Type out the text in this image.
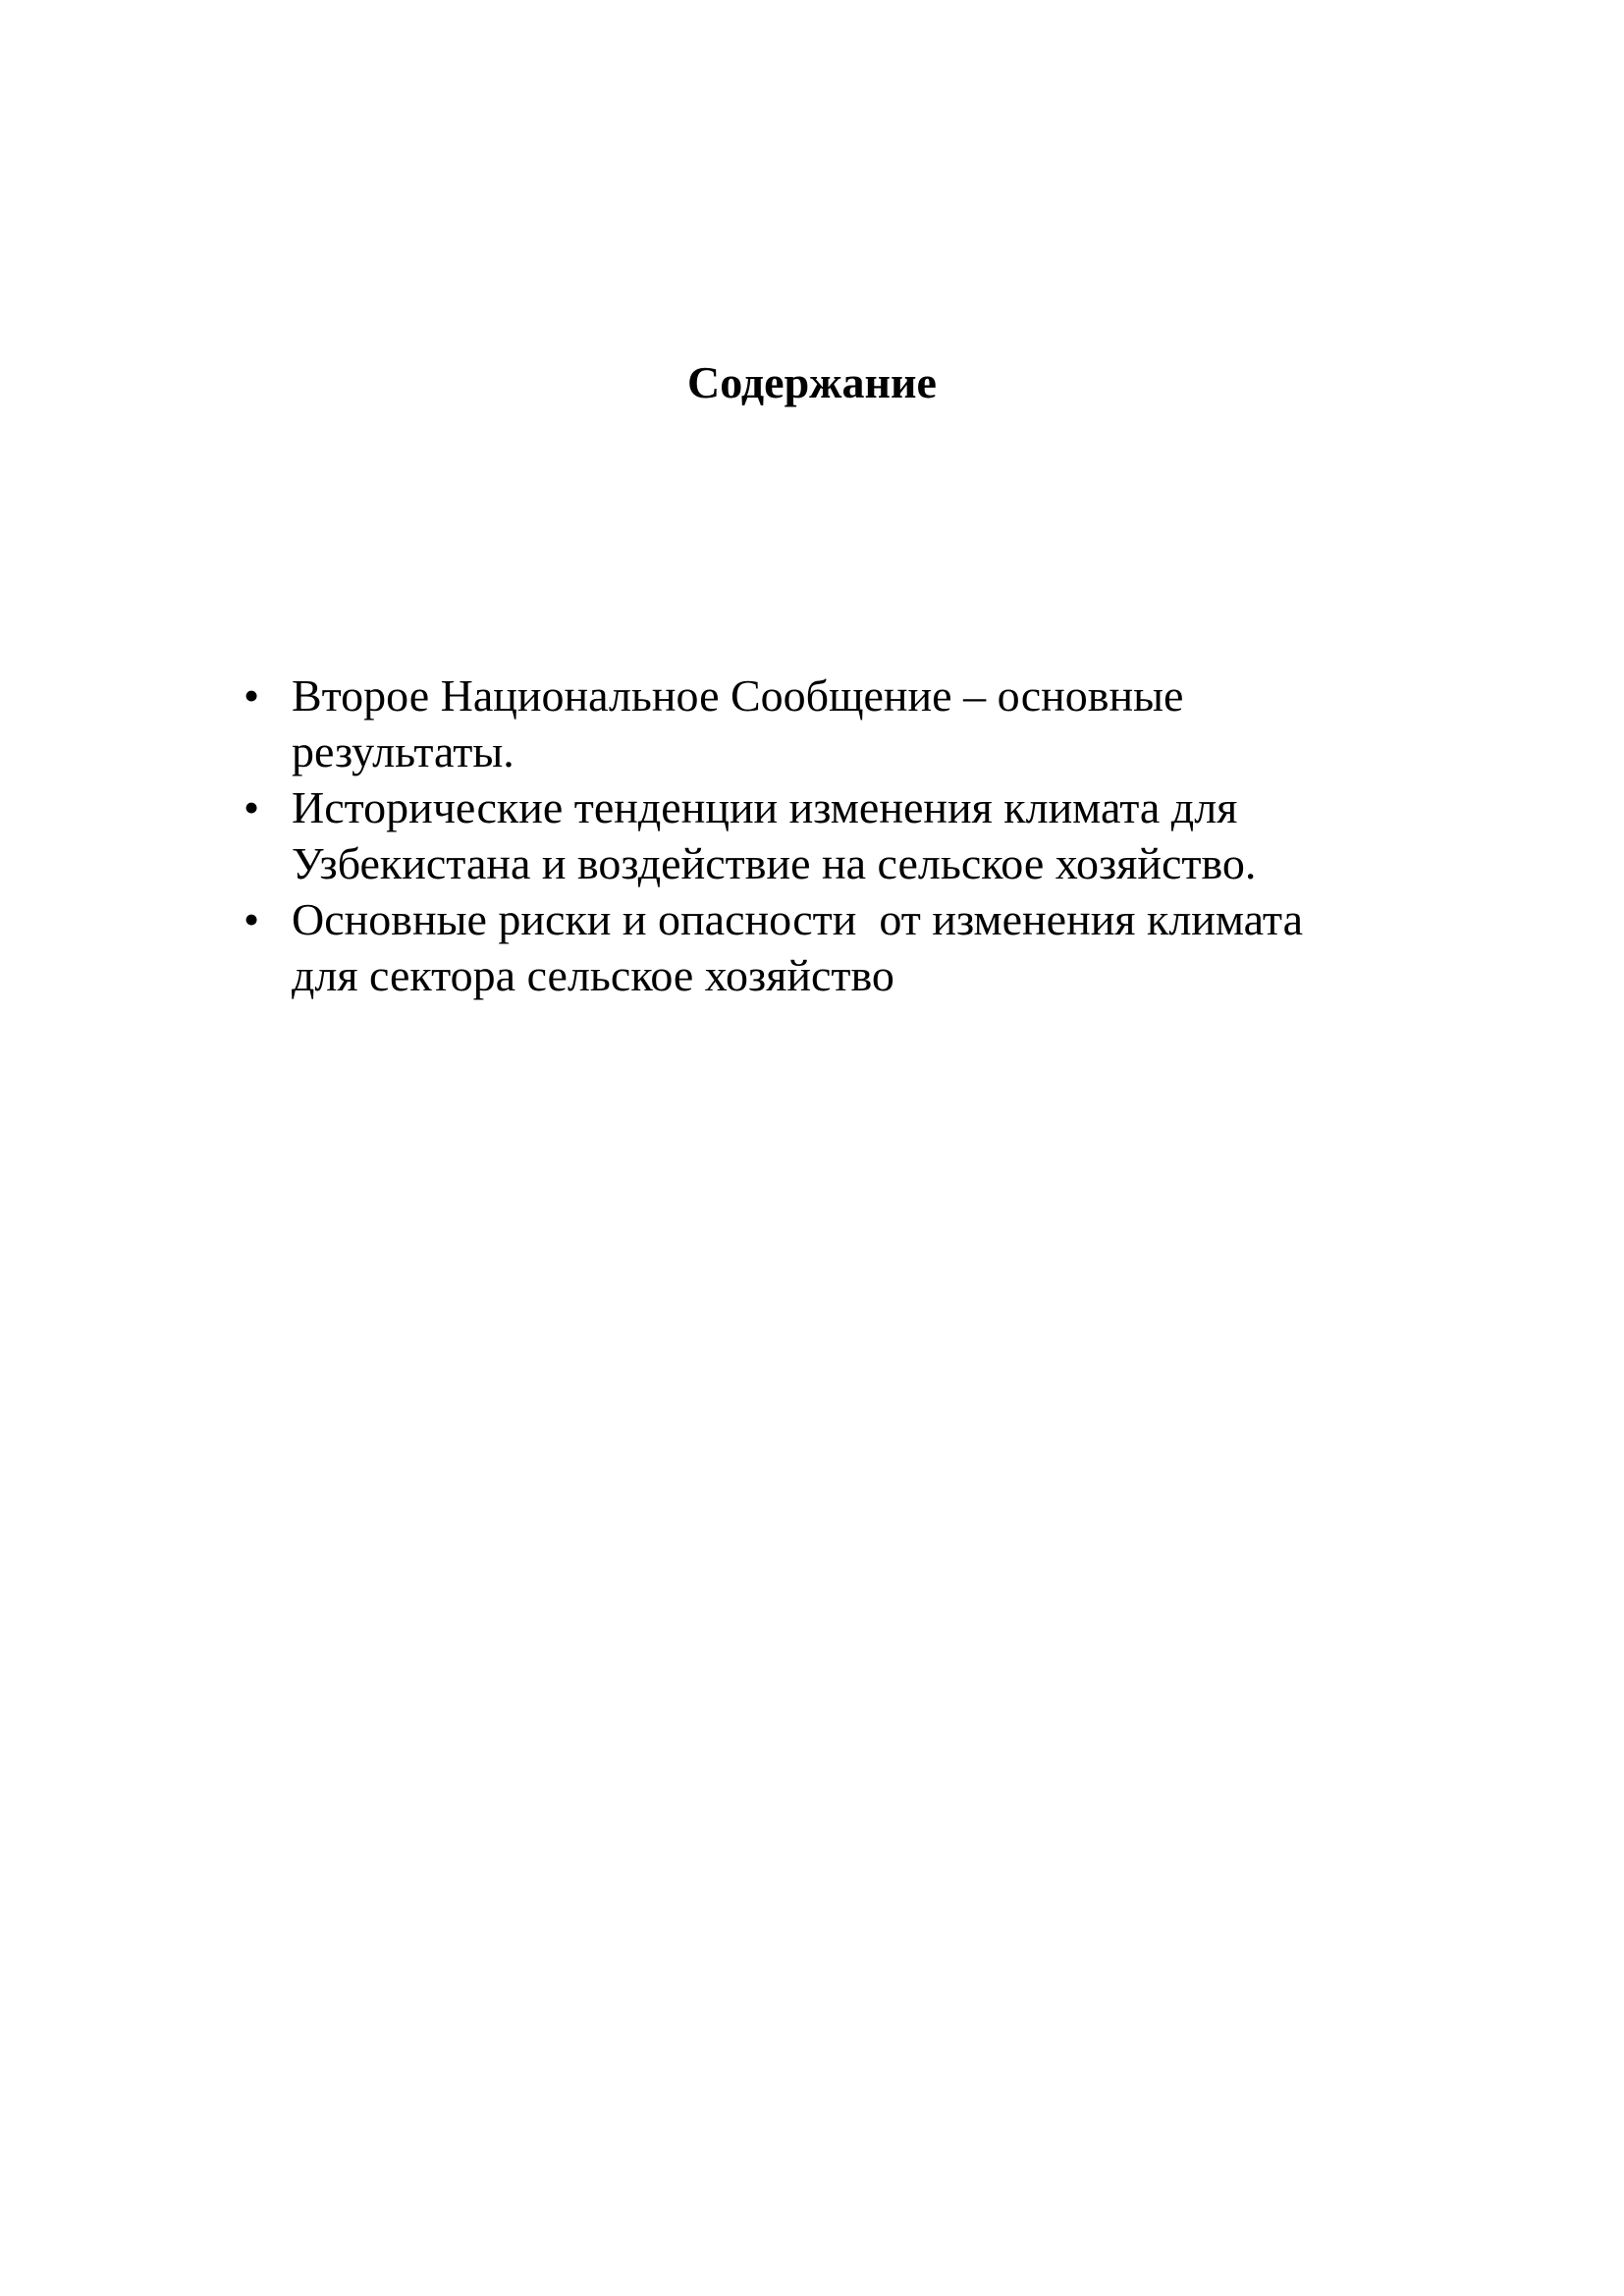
Содержание
• Второе Национальное Сообщение – основные
результаты.
• Исторические тенденции изменения климата для
Узбекистана и воздействие на сельское хозяйство.
• Основные риски и опасности  от изменения климата
для сектора сельское хозяйство
